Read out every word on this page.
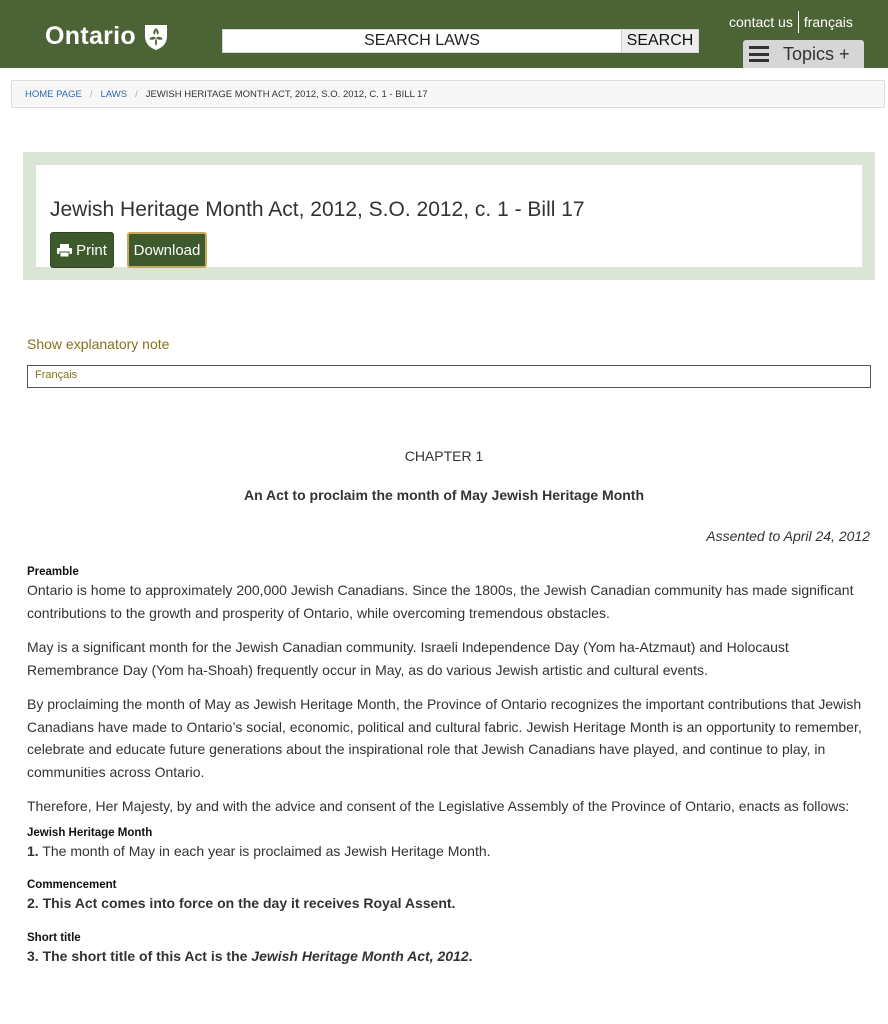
Ontario
SEARCH LAWS	SEARCH
contact us français
Topics +
HOME PAGE / LAWS / JEWISH HERITAGE MONTH ACT, 2012, S.O. 2012, C. 1 - BILL 17
Jewish Heritage Month Act, 2012, S.O. 2012, c. 1 - Bill 17
Print	Download
Show explanatory note
Français
CHAPTER 1
An Act to proclaim the month of May Jewish Heritage Month
Assented to April 24, 2012
Preamble

Ontario is home to approximately 200,000 Jewish Canadians. Since the 1800s, the Jewish Canadian community has made significant contributions to the growth and prosperity of Ontario, while overcoming tremendous obstacles.

May is a significant month for the Jewish Canadian community. Israeli Independence Day (Yom ha-Atzmaut) and Holocaust Remembrance Day (Yom ha-Shoah) frequently occur in May, as do various Jewish artistic and cultural events.

By proclaiming the month of May as Jewish Heritage Month, the Province of Ontario recognizes the important contributions that Jewish Canadians have made to Ontario’s social, economic, political and cultural fabric. Jewish Heritage Month is an opportunity to remember, celebrate and educate future generations about the inspirational role that Jewish Canadians have played, and continue to play, in communities across Ontario.

Therefore, Her Majesty, by and with the advice and consent of the Legislative Assembly of the Province of Ontario, enacts as follows:

Jewish Heritage Month
1. The month of May in each year is proclaimed as Jewish Heritage Month.
Commencement
2. This Act comes into force on the day it receives Royal Assent.
Short title
3. The short title of this Act is the Jewish Heritage Month Act, 2012.
